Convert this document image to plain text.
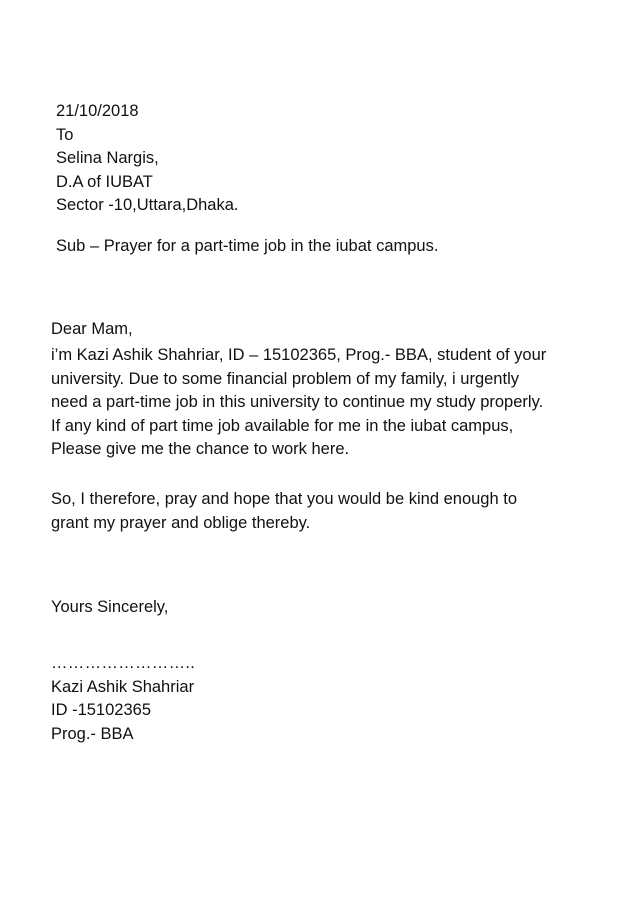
21/10/2018
To
Selina Nargis,
D.A of IUBAT
Sector -10,Uttara,Dhaka.
Sub – Prayer for a part-time job in the iubat campus.
Dear Mam,
i’m Kazi Ashik Shahriar, ID – 15102365, Prog.- BBA, student of your
university. Due to some financial problem of my family, i urgently
need a part-time job in this university to continue my study properly.
If any kind of part time job available for me in the iubat campus,
Please give me the chance to work here.
So, I therefore, pray and hope that you would be kind enough to
grant my prayer and oblige thereby.
Yours Sincerely,
……………………..
Kazi Ashik Shahriar
ID -15102365
Prog.- BBA
